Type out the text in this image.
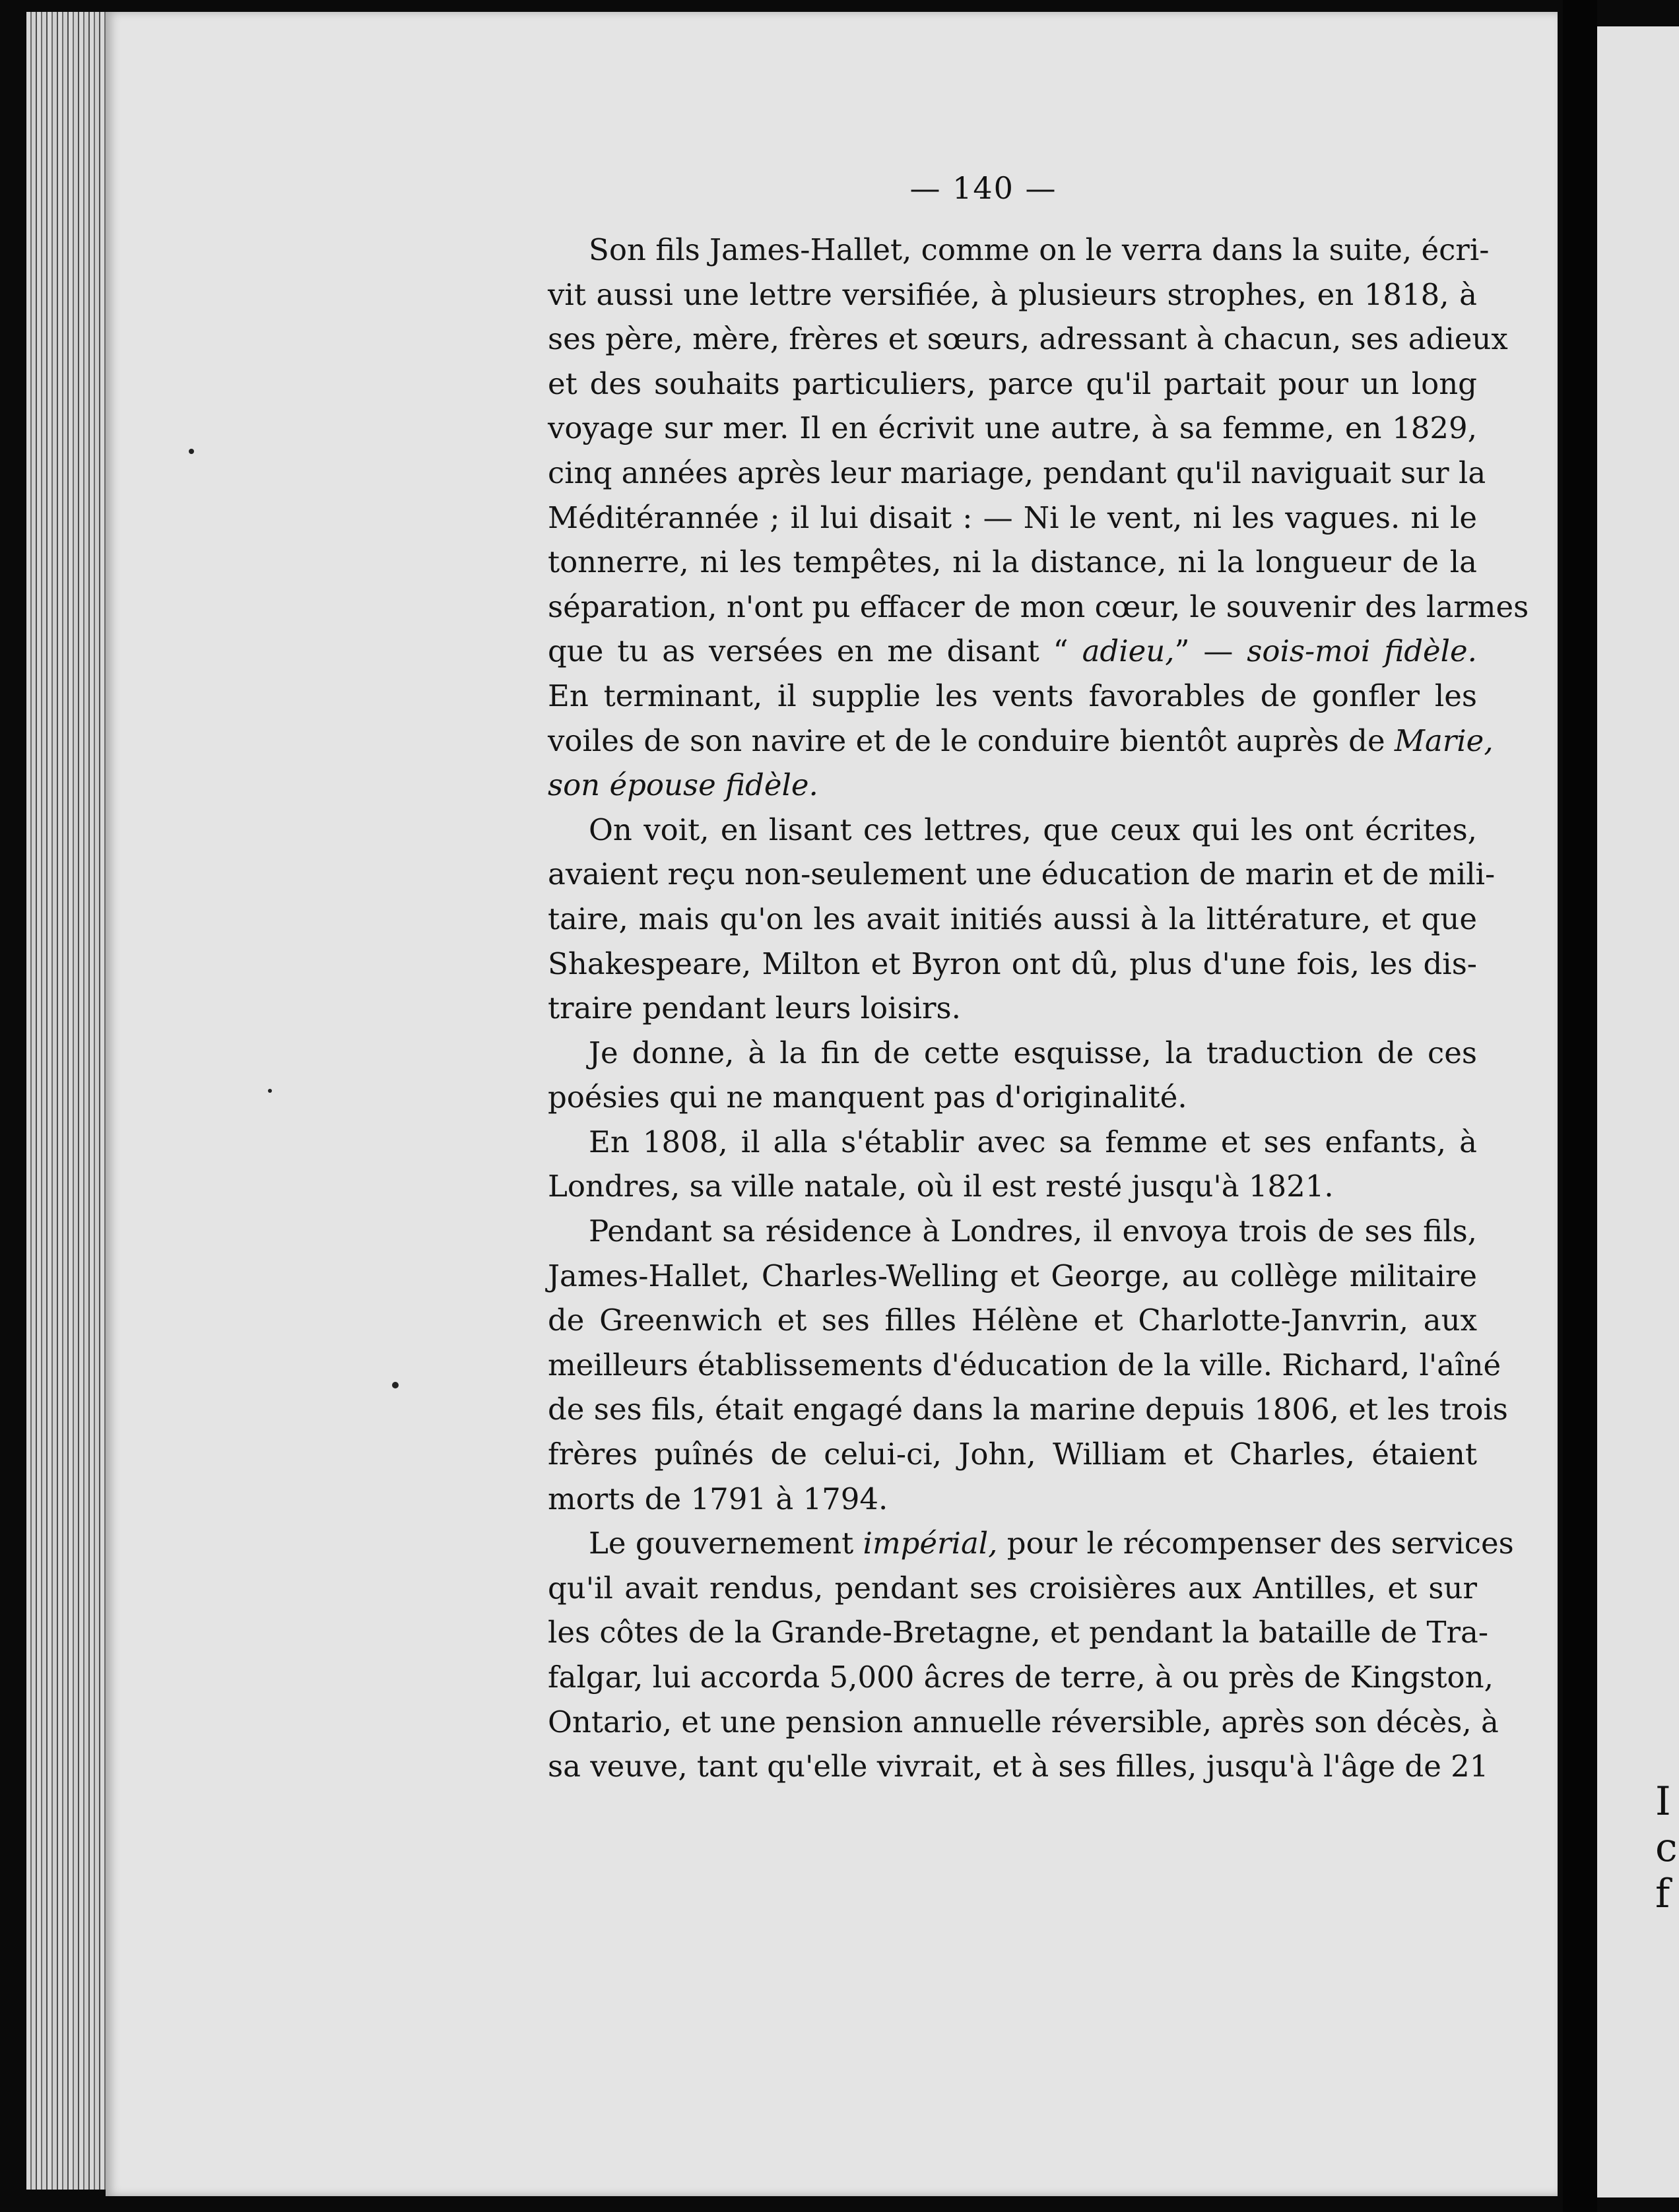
I
c
f
— 140 —
Son fils James-Hallet, comme on le verra dans la suite, écri-
vit aussi une lettre versifiée, à plusieurs strophes, en 1818, à
ses père, mère, frères et sœurs, adressant à chacun, ses adieux
et des souhaits particuliers, parce qu'il partait pour un long
voyage sur mer. Il en écrivit une autre, à sa femme, en 1829,
cinq années après leur mariage, pendant qu'il naviguait sur la
Méditérannée ; il lui disait : — Ni le vent, ni les vagues. ni le
tonnerre, ni les tempêtes, ni la distance, ni la longueur de la
séparation, n'ont pu effacer de mon cœur, le souvenir des larmes
que tu as versées en me disant “ adieu,” — sois-moi fidèle.
En terminant, il supplie les vents favorables de gonfler les
voiles de son navire et de le conduire bientôt auprès de Marie,
son épouse fidèle.
On voit, en lisant ces lettres, que ceux qui les ont écrites,
avaient reçu non-seulement une éducation de marin et de mili-
taire, mais qu'on les avait initiés aussi à la littérature, et que
Shakespeare, Milton et Byron ont dû, plus d'une fois, les dis-
traire pendant leurs loisirs.
Je donne, à la fin de cette esquisse, la traduction de ces
poésies qui ne manquent pas d'originalité.
En 1808, il alla s'établir avec sa femme et ses enfants, à
Londres, sa ville natale, où il est resté jusqu'à 1821.
Pendant sa résidence à Londres, il envoya trois de ses fils,
James-Hallet, Charles-Welling et George, au collège militaire
de Greenwich et ses filles Hélène et Charlotte-Janvrin, aux
meilleurs établissements d'éducation de la ville. Richard, l'aîné
de ses fils, était engagé dans la marine depuis 1806, et les trois
frères puînés de celui-ci, John, William et Charles, étaient
morts de 1791 à 1794.
Le gouvernement impérial, pour le récompenser des services
qu'il avait rendus, pendant ses croisières aux Antilles, et sur
les côtes de la Grande-Bretagne, et pendant la bataille de Tra-
falgar, lui accorda 5,000 âcres de terre, à ou près de Kingston,
Ontario, et une pension annuelle réversible, après son décès, à
sa veuve, tant qu'elle vivrait, et à ses filles, jusqu'à l'âge de 21
